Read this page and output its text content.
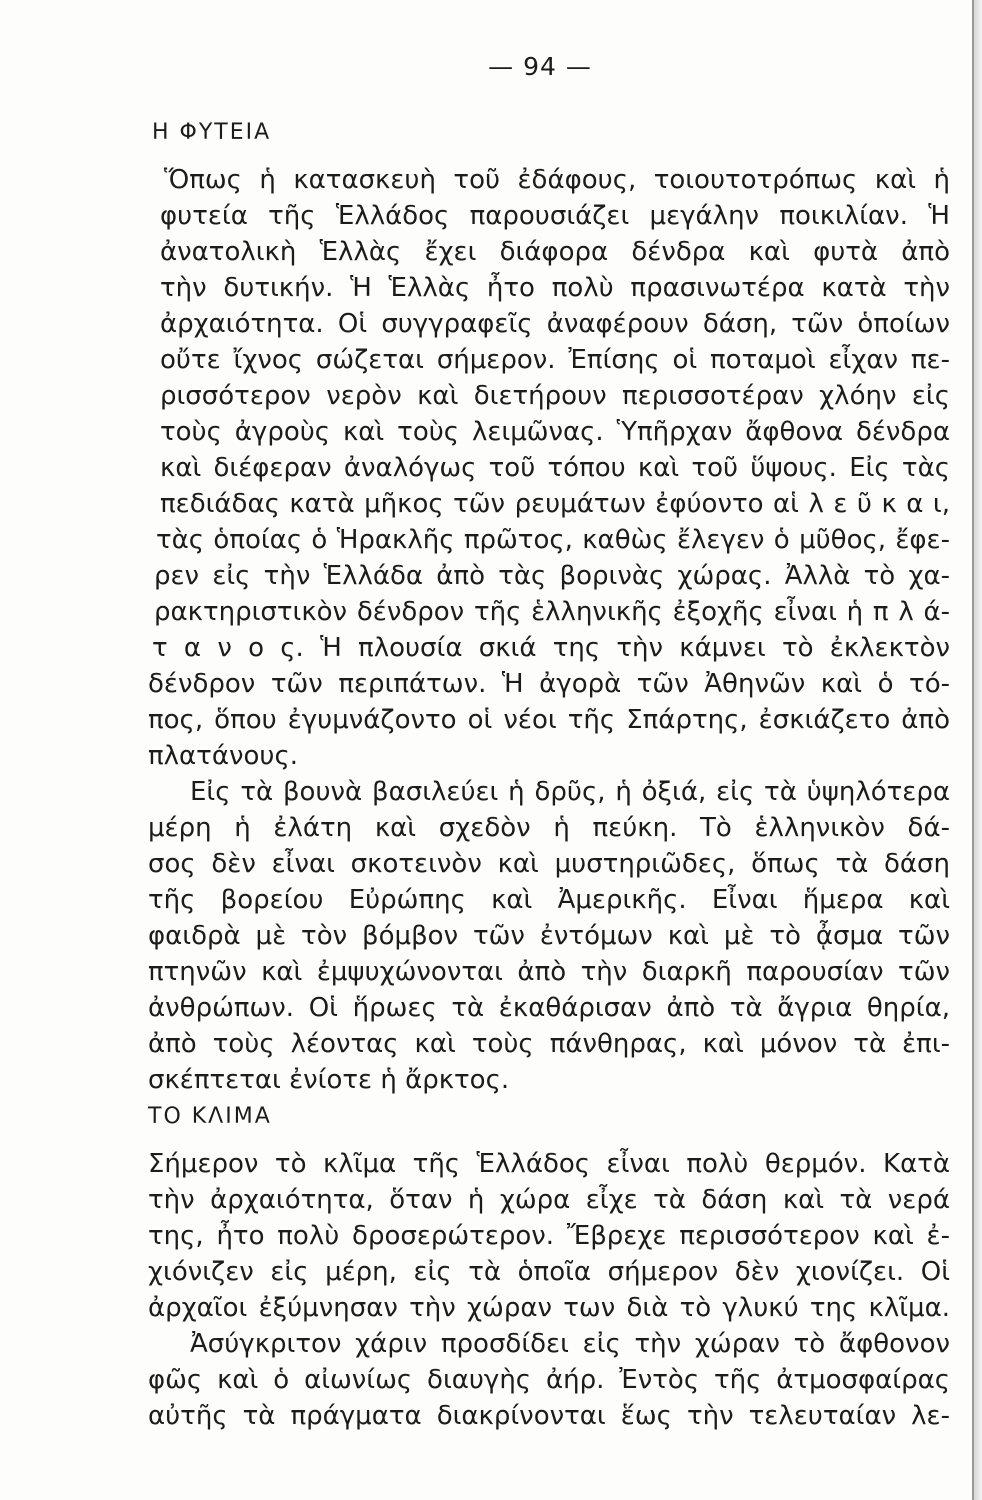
— 94 —
Η ΦΥΤΕΙΑ
Ὅπως ἡ κατασκευὴ τοῦ ἐδάφους, τοιουτοτρόπως καὶ ἡ
φυτεία τῆς Ἑλλάδος παρουσιάζει μεγάλην ποικιλίαν. Ἡ
ἀνατολικὴ Ἑλλὰς ἔχει διάφορα δένδρα καὶ φυτὰ ἀπὸ
τὴν δυτικήν. Ἡ Ἑλλὰς ἦτο πολὺ πρασινωτέρα κατὰ τὴν
ἀρχαιότητα. Οἱ συγγραφεῖς ἀναφέρουν δάση, τῶν ὁποίων
οὔτε ἴχνος σώζεται σήμερον. Ἐπίσης οἱ ποταμοὶ εἶχαν πε-
ρισσότερον νερὸν καὶ διετήρουν περισσοτέραν χλόην εἰς
τοὺς ἀγροὺς καὶ τοὺς λειμῶνας. Ὑπῆρχαν ἄφθονα δένδρα
καὶ διέφεραν ἀναλόγως τοῦ τόπου καὶ τοῦ ὕψους. Εἰς τὰς
πεδιάδας κατὰ μῆκος τῶν ρευμάτων ἐφύοντο αἱ λ ε ῦ κ α ι,
τὰς ὁποίας ὁ Ἡρακλῆς πρῶτος, καθὼς ἔλεγεν ὁ μῦθος, ἔφε-
ρεν εἰς τὴν Ἑλλάδα ἀπὸ τὰς βορινὰς χώρας. Ἀλλὰ τὸ χα-
ρακτηριστικὸν δένδρον τῆς ἑλληνικῆς ἐξοχῆς εἶναι ἡ π λ ά-
τ α ν ο ς. Ἡ πλουσία σκιά της τὴν κάμνει τὸ ἐκλεκτὸν
δένδρον τῶν περιπάτων. Ἡ ἀγορὰ τῶν Ἀθηνῶν καὶ ὁ τό-
πος, ὅπου ἐγυμνάζοντο οἱ νέοι τῆς Σπάρτης, ἐσκιάζετο ἀπὸ
πλατάνους.
Εἰς τὰ βουνὰ βασιλεύει ἡ δρῦς, ἡ ὀξιά, εἰς τὰ ὑψηλότερα
μέρη ἡ ἐλάτη καὶ σχεδὸν ἡ πεύκη. Τὸ ἑλληνικὸν δά-
σος δὲν εἶναι σκοτεινὸν καὶ μυστηριῶδες, ὅπως τὰ δάση
τῆς βορείου Εὐρώπης καὶ Ἀμερικῆς. Εἶναι ἥμερα καὶ
φαιδρὰ μὲ τὸν βόμβον τῶν ἐντόμων καὶ μὲ τὸ ᾆσμα τῶν
πτηνῶν καὶ ἐμψυχώνονται ἀπὸ τὴν διαρκῆ παρουσίαν τῶν
ἀνθρώπων. Οἱ ἥρωες τὰ ἐκαθάρισαν ἀπὸ τὰ ἄγρια θηρία,
ἀπὸ τοὺς λέοντας καὶ τοὺς πάνθηρας, καὶ μόνον τὰ ἐπι-
σκέπτεται ἐνίοτε ἡ ἄρκτος.
ΤΟ ΚΛΙΜΑ
Σήμερον τὸ κλῖμα τῆς Ἑλλάδος εἶναι πολὺ θερμόν. Κατὰ
τὴν ἀρχαιότητα, ὅταν ἡ χώρα εἶχε τὰ δάση καὶ τὰ νερά
της, ἦτο πολὺ δροσερώτερον. Ἔβρεχε περισσότερον καὶ ἐ-
χιόνιζεν εἰς μέρη, εἰς τὰ ὁποῖα σήμερον δὲν χιονίζει. Οἱ
ἀρχαῖοι ἐξύμνησαν τὴν χώραν των διὰ τὸ γλυκύ της κλῖμα.
Ἀσύγκριτον χάριν προσδίδει εἰς τὴν χώραν τὸ ἄφθονον
φῶς καὶ ὁ αἰωνίως διαυγὴς ἀήρ. Ἐντὸς τῆς ἀτμοσφαίρας
αὐτῆς τὰ πράγματα διακρίνονται ἕως τὴν τελευταίαν λε-
